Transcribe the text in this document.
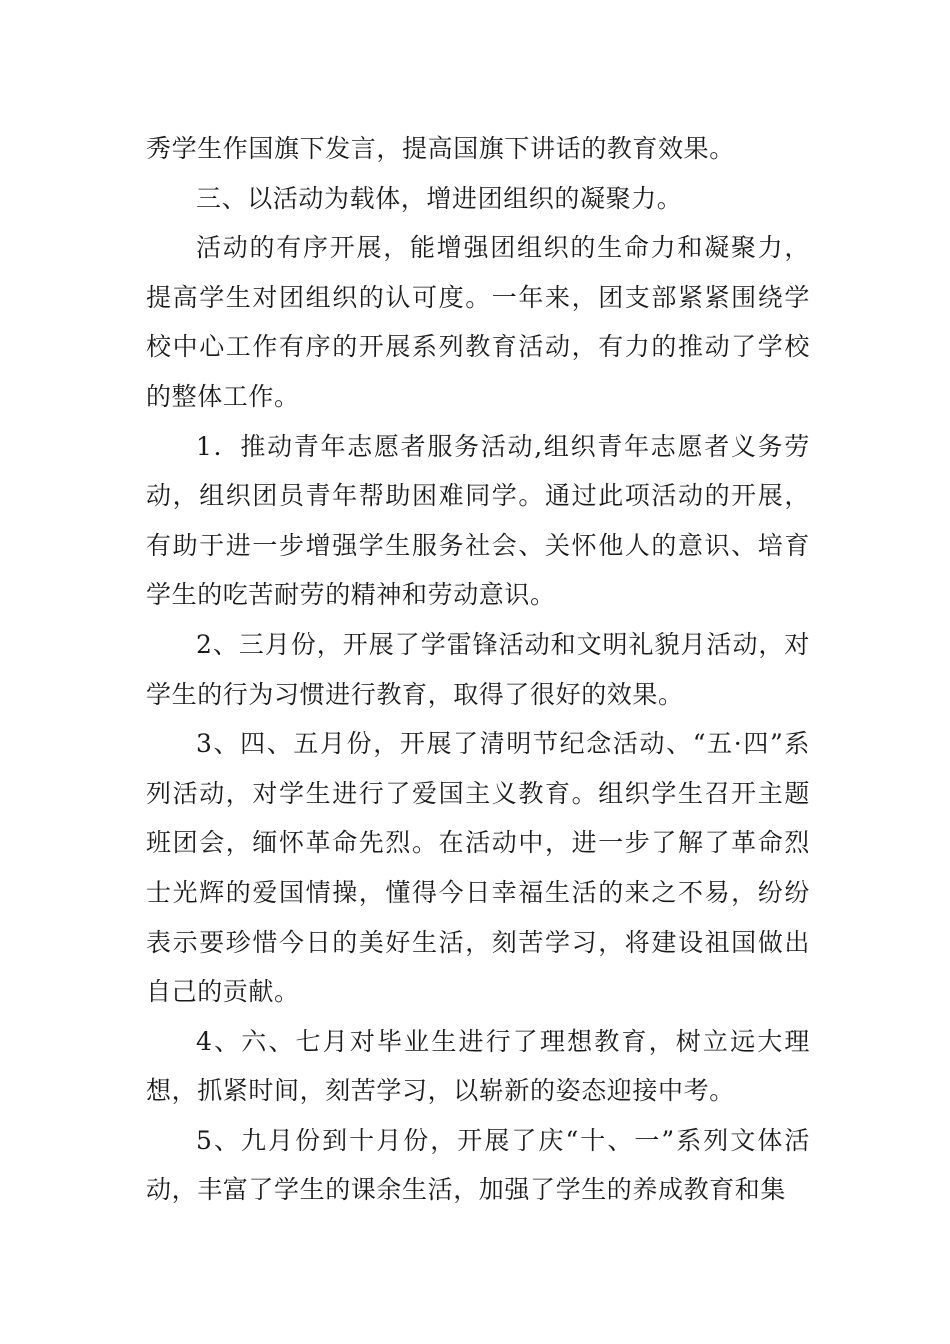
秀学生作国旗下发言，提高国旗下讲话的教育效果。

三、以活动为载体，增进团组织的凝聚力。

活动的有序开展，能增强团组织的生命力和凝聚力，提高学生对团组织的认可度。一年来，团支部紧紧围绕学校中心工作有序的开展系列教育活动，有力的推动了学校的整体工作。

1．推动青年志愿者服务活动,组织青年志愿者义务劳动，组织团员青年帮助困难同学。通过此项活动的开展，有助于进一步增强学生服务社会、关怀他人的意识、培育学生的吃苦耐劳的精神和劳动意识。

2、三月份，开展了学雷锋活动和文明礼貌月活动，对学生的行为习惯进行教育，取得了很好的效果。

3、四、五月份，开展了清明节纪念活动、“五·四”系列活动，对学生进行了爱国主义教育。组织学生召开主题班团会，缅怀革命先烈。在活动中，进一步了解了革命烈士光辉的爱国情操，懂得今日幸福生活的来之不易，纷纷表示要珍惜今日的美好生活，刻苦学习，将建设祖国做出自己的贡献。

4、六、七月对毕业生进行了理想教育，树立远大理想，抓紧时间，刻苦学习，以崭新的姿态迎接中考。

5、九月份到十月份，开展了庆“十、一”系列文体活动，丰富了学生的课余生活，加强了学生的养成教育和集
